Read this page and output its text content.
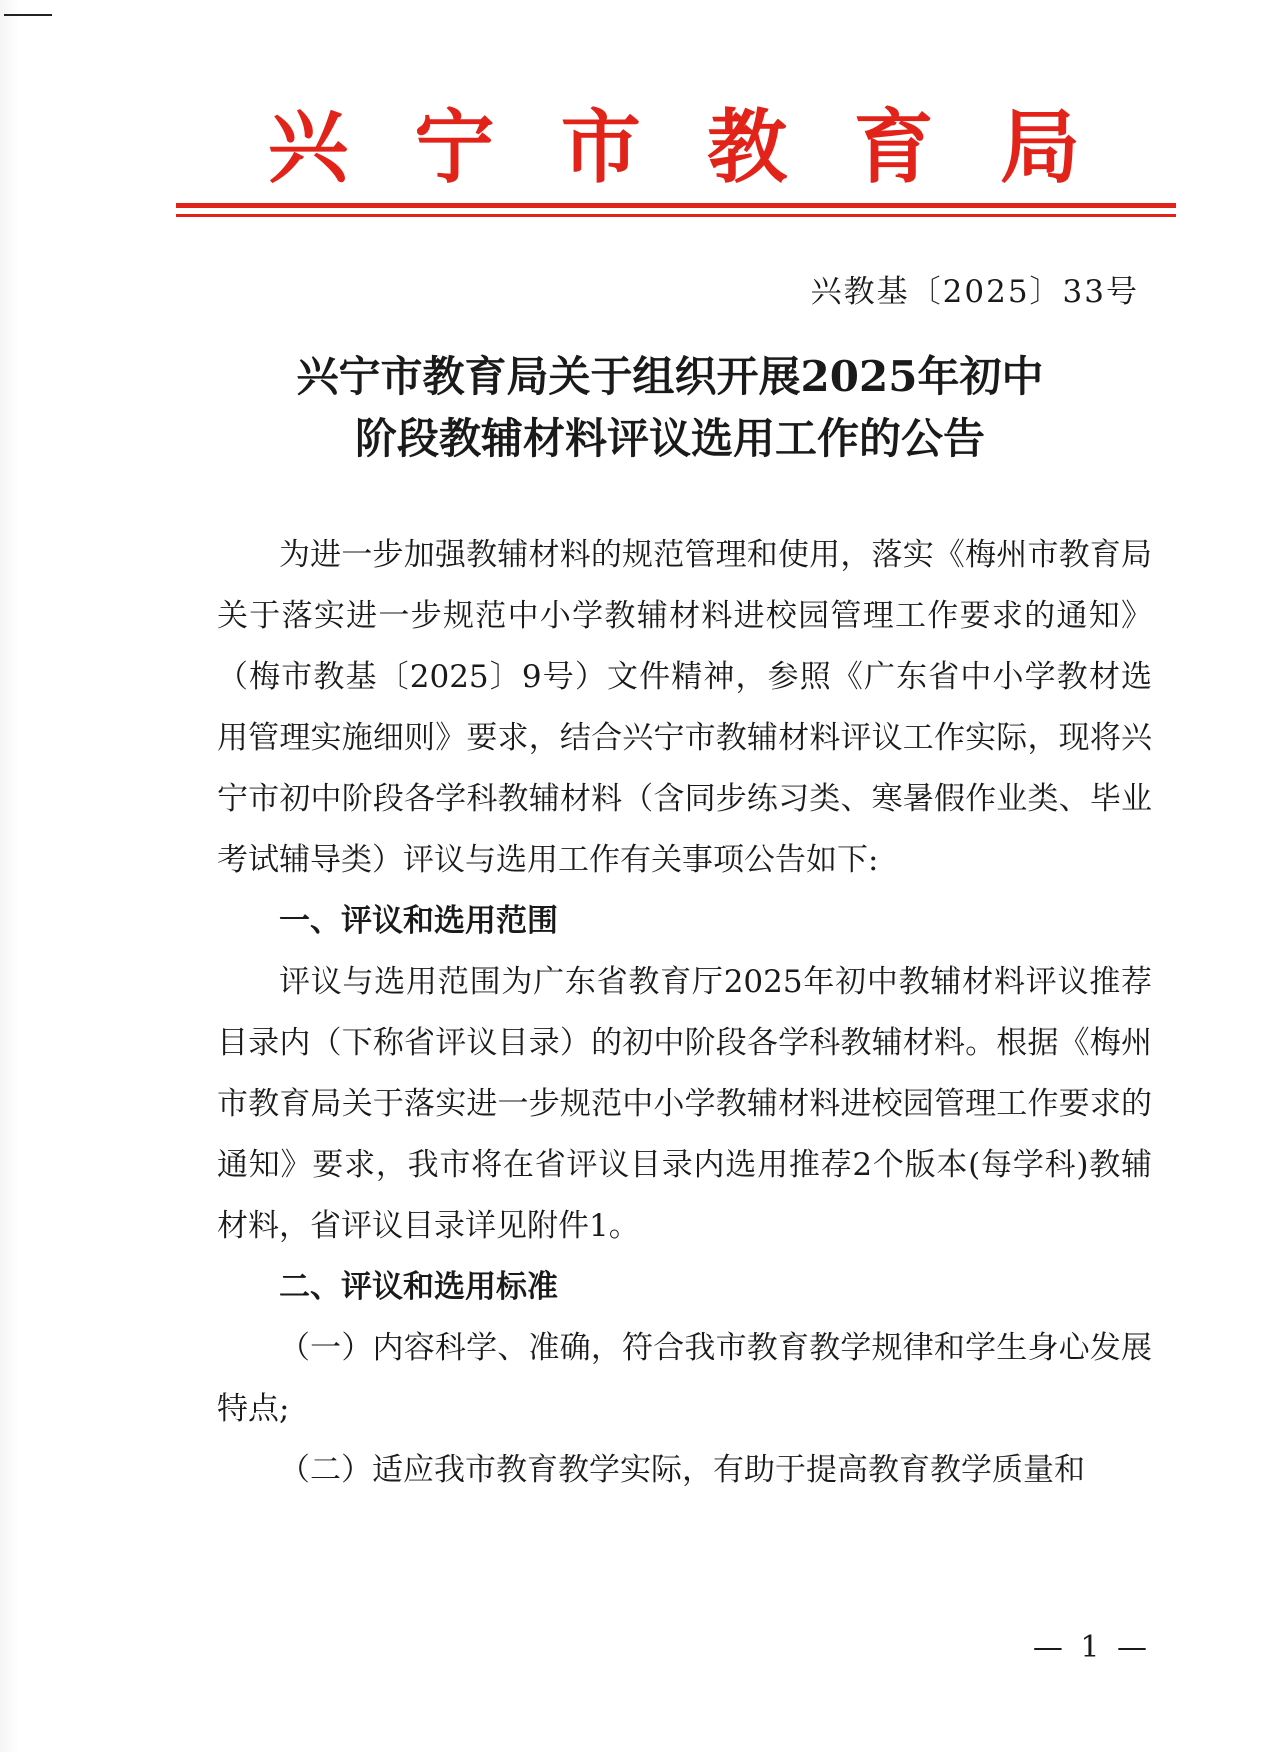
兴 宁 市 教 育 局
兴教基〔2025〕33号
兴宁市教育局关于组织开展2025年初中
阶段教辅材料评议选用工作的公告

为进一步加强教辅材料的规范管理和使用，落实《梅州市教育局关于落实进一步规范中小学教辅材料进校园管理工作要求的通知》（梅市教基〔2025〕9号）文件精神，参照《广东省中小学教材选用管理实施细则》要求，结合兴宁市教辅材料评议工作实际，现将兴宁市初中阶段各学科教辅材料（含同步练习类、寒暑假作业类、毕业考试辅导类）评议与选用工作有关事项公告如下:

一、评议和选用范围

评议与选用范围为广东省教育厅2025年初中教辅材料评议推荐目录内（下称省评议目录）的初中阶段各学科教辅材料。根据《梅州市教育局关于落实进一步规范中小学教辅材料进校园管理工作要求的通知》要求，我市将在省评议目录内选用推荐2个版本(每学科)教辅材料，省评议目录详见附件1。

二、评议和选用标准

（一）内容科学、准确，符合我市教育教学规律和学生身心发展特点;

（二）适应我市教育教学实际，有助于提高教育教学质量和

— 1 —
